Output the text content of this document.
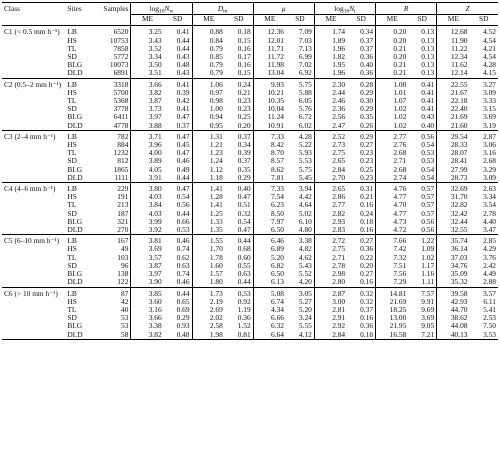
Class	Sites	Samples	$\log_{10}N_w$		$D_m$		μ		$\log_{10}N_t$		R		Z	
			ME	SD	ME	SD	ME	SD	ME	SD	ME	SD	ME	SD
C1 (< 0.5 mm h⁻¹)	LB	6520	3.25	0.41	0.88	0.18	12.36	7.09	1.74	0.34	0.20	0.13	12.68	4.52
	HS	10753	3.43	0.44	0.84	0.15	12.01	7.03	1.89	0.37	0.20	0.13	11.90	4.54
	TL	7858	3.52	0.44	0.79	0.16	11.71	7.13	1.96	0.37	0.21	0.13	11.22	4.21
	SD	5772	3.34	0.43	0.85	0.17	11.72	6.99	1.82	0.36	0.20	0.13	12.34	4.54
	BLG	10073	3.50	0.48	0.79	0.16	11.98	7.02	1.95	0.40	0.21	0.13	11.62	4.28
	DLD	6891	3.51	0.43	0.79	0.15	13.04	6.92	1.96	0.36	0.21	0.13	12.14	4.15
C2 (0.5–2 mm h⁻¹)	LB	3318	3.66	0.41	1.06	0.24	9.93	5.75	2.30	0.28	1.00	0.41	22.55	3.27
	HS	5700	3.82	0.39	0.97	0.21	10.21	5.88	2.44	0.29	1.01	0.41	21.67	3.09
	TL	5368	3.87	0.42	0.98	0.23	10.35	6.05	2.46	0.30	1.07	0.41	22.18	3.33
	SD	3778	3.73	0.41	1.00	0.23	10.04	5.76	2.36	0.29	1.02	0.41	22.40	3.15
	BLG	6411	3.97	0.47	0.94	0.25	11.24	6.72	2.56	0.35	1.02	0.43	21.69	3.69
	DLD	4778	3.88	0.37	0.95	0.20	10.91	6.02	2.47	0.26	1.02	0.40	21.60	3.19
C3 (2–4 mm h⁻¹)	LB	782	3.71	0.47	1.31	0.37	7.33	4.28	2.52	0.29	2.77	0.56	29.54	2.87
	HS	884	3.96	0.45	1.21	0.34	8.42	5.22	2.73	0.27	2.76	0.54	28.33	3.06
	TL	1232	4.00	0.47	1.23	0.39	8.70	5.93	2.75	0.23	2.68	0.53	28.07	3.16
	SD	812	3.89	0.46	1.24	0.37	8.57	5.53	2.65	0.23	2.71	0.53	28.41	2.68
	BLG	1865	4.05	0.49	1.12	0.35	8.62	5.75	2.84	0.25	2.68	0.54	27.99	3.29
	DLD	1111	3.91	0.44	1.18	0.29	7.81	5.45	2.70	0.23	2.74	0.54	28.73	3.09
C4 (4–6 mm h⁻¹)	LB	229	3.80	0.47	1.41	0.40	7.33	3.94	2.65	0.31	4.76	0.57	32.69	2.63
	HS	191	4.03	0.54	1.28	0.47	7.54	4.42	2.86	0.21	4.77	0.57	31.70	3.34
	TL	213	3.84	0.56	1.41	0.51	6.23	4.64	2.77	0.16	4.70	0.57	32.82	3.54
	SD	187	4.03	0.44	1.25	0.32	8.50	5.02	2.82	0.24	4.77	0.57	32.42	2.78
	BLG	321	3.99	0.66	1.33	0.54	7.97	6.10	2.93	0.18	4.73	0.56	32.44	4.40
	DLD	270	3.92	0.53	1.35	0.47	6.50	4.80	2.83	0.16	4.72	0.56	32.55	3.47
C5 (6–10 mm h⁻¹)	LB	167	3.81	0.46	1.55	0.44	6.46	3.38	2.72	0.27	7.66	1.22	35.74	2.85
	HS	49	3.69	0.74	1.70	0.68	6.89	4.82	2.75	0.36	7.42	1.09	36.14	4.29
	TL	103	3.57	0.62	1.78	0.60	5.20	4.62	2.71	0.22	7.32	1.02	37.03	3.76
	SD	96	3.87	0.63	1.60	0.55	6.82	5.43	2.78	0.20	7.51	1.17	34.76	2.42
	BLG	138	3.97	0.74	1.57	0.63	6.50	5.52	2.98	0.27	7.56	1.16	35.09	4.49
	DLD	122	3.90	0.46	1.80	0.44	6.13	4.20	2.80	0.16	7.29	1.11	35.32	2.88
C6 (> 10 mm h⁻¹)	LB	87	3.85	0.44	1.73	0.53	5.08	3.05	2.87	0.32	14.81	7.57	39.58	3.57
	HS	42	3.60	0.65	2.19	0.92	6.74	5.27	3.00	0.32	21.69	9.91	42.93	6.11
	TL	40	3.16	0.69	2.69	1.19	4.34	5.20	2.81	0.37	18.25	9.69	44.70	5.41
	SD	53	3.66	0.29	2.02	0.36	6.66	3.24	2.91	0.16	13.00	3.69	38.62	2.53
	BLG	53	3.38	0.93	2.58	1.52	6.32	5.55	2.92	0.36	21.95	9.05	44.08	7.50
	DLD	58	3.82	0.48	1.98	0.81	6.64	4.12	2.84	0.18	16.58	7.21	40.13	3.53
